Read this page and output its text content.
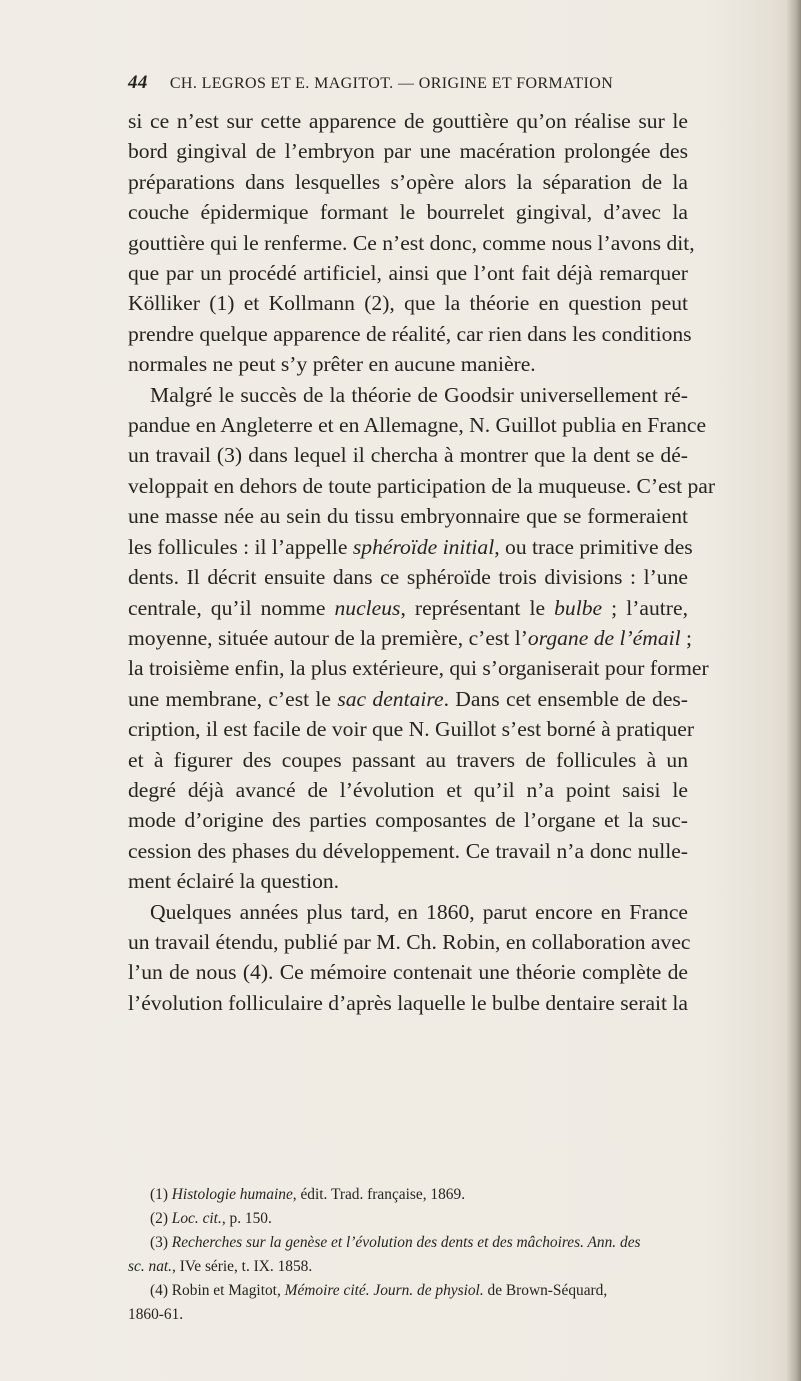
44 CH. LEGROS ET E. MAGITOT. — ORIGINE ET FORMATION
si ce n’est sur cette apparence de gouttière qu’on réalise sur le
bord gingival de l’embryon par une macération prolongée des
préparations dans lesquelles s’opère alors la séparation de la
couche épidermique formant le bourrelet gingival, d’avec la
gouttière qui le renferme. Ce n’est donc, comme nous l’avons dit,
que par un procédé artificiel, ainsi que l’ont fait déjà remarquer
Kölliker (1) et Kollmann (2), que la théorie en question peut
prendre quelque apparence de réalité, car rien dans les conditions
normales ne peut s’y prêter en aucune manière.
Malgré le succès de la théorie de Goodsir universellement ré-
pandue en Angleterre et en Allemagne, N. Guillot publia en France
un travail (3) dans lequel il chercha à montrer que la dent se dé-
veloppait en dehors de toute participation de la muqueuse. C’est par
une masse née au sein du tissu embryonnaire que se formeraient
les follicules : il l’appelle sphéroïde initial, ou trace primitive des
dents. Il décrit ensuite dans ce sphéroïde trois divisions : l’une
centrale, qu’il nomme nucleus, représentant le bulbe ; l’autre,
moyenne, située autour de la première, c’est l’organe de l’émail ;
la troisième enfin, la plus extérieure, qui s’organiserait pour former
une membrane, c’est le sac dentaire. Dans cet ensemble de des-
cription, il est facile de voir que N. Guillot s’est borné à pratiquer
et à figurer des coupes passant au travers de follicules à un
degré déjà avancé de l’évolution et qu’il n’a point saisi le
mode d’origine des parties composantes de l’organe et la suc-
cession des phases du développement. Ce travail n’a donc nulle-
ment éclairé la question.
Quelques années plus tard, en 1860, parut encore en France
un travail étendu, publié par M. Ch. Robin, en collaboration avec
l’un de nous (4). Ce mémoire contenait une théorie complète de
l’évolution folliculaire d’après laquelle le bulbe dentaire serait la
(1) Histologie humaine, édit. Trad. française, 1869.
(2) Loc. cit., p. 150.
(3) Recherches sur la genèse et l’évolution des dents et des mâchoires. Ann. des
sc. nat., IVe série, t. IX. 1858.
(4) Robin et Magitot, Mémoire cité. Journ. de physiol. de Brown-Séquard,
1860-61.
